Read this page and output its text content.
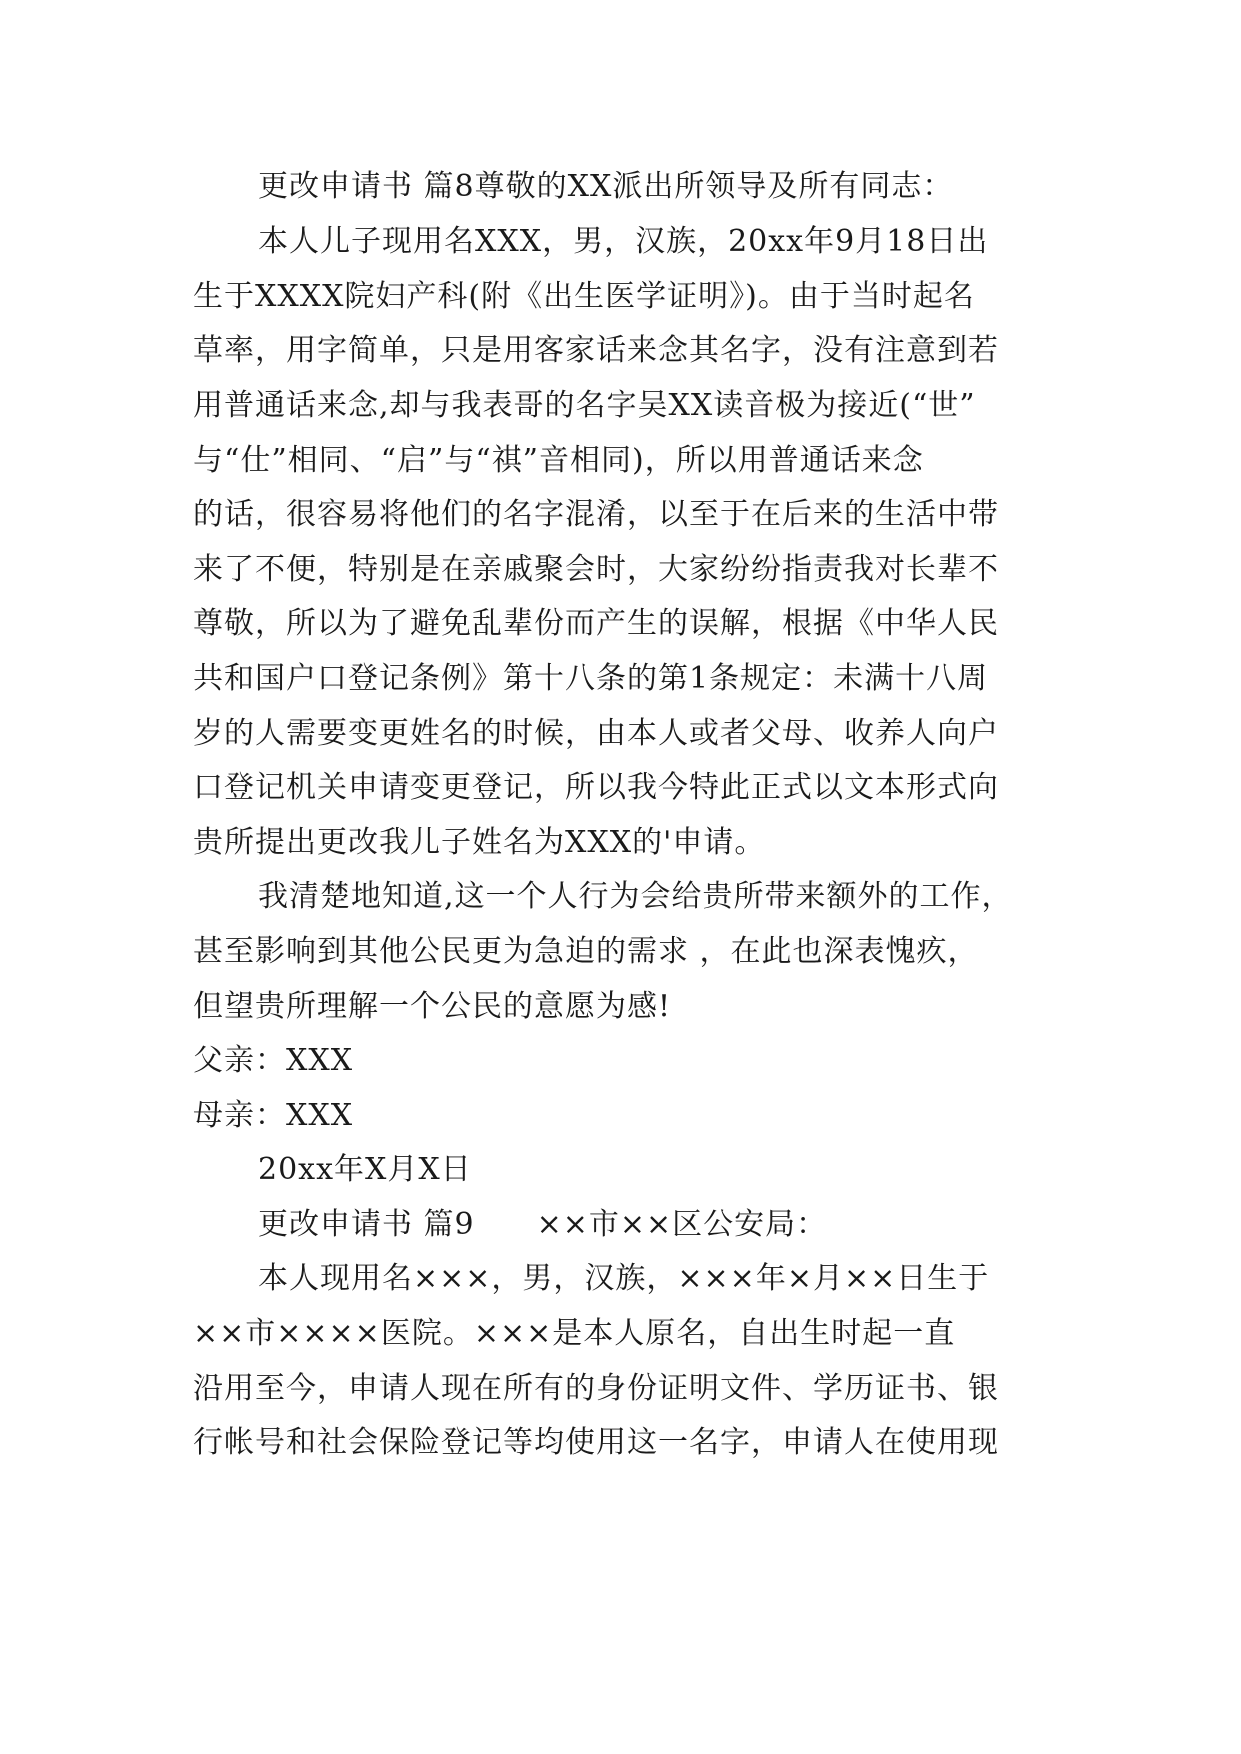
更改申请书 篇8尊敬的XX派出所领导及所有同志：
本人儿子现用名XXX，男，汉族，20xx年9月18日出
生于XXXX院妇产科(附《出生医学证明》)。由于当时起名
草率，用字简单，只是用客家话来念其名字，没有注意到若
用普通话来念,却与我表哥的名字吴XX读音极为接近(“世”
与“仕”相同、“启”与“祺”音相同)，所以用普通话来念
的话，很容易将他们的名字混淆，以至于在后来的生活中带
来了不便，特别是在亲戚聚会时，大家纷纷指责我对长辈不
尊敬，所以为了避免乱辈份而产生的误解，根据《中华人民
共和国户口登记条例》第十八条的第1条规定：未满十八周
岁的人需要变更姓名的时候，由本人或者父母、收养人向户
口登记机关申请变更登记，所以我今特此正式以文本形式向
贵所提出更改我儿子姓名为XXX的'申请。
我清楚地知道,这一个人行为会给贵所带来额外的工作，
甚至影响到其他公民更为急迫的需求 ，在此也深表愧疚，
但望贵所理解一个公民的意愿为感!
父亲：XXX
母亲：XXX
20xx年X月X日
更改申请书 篇9　　××市××区公安局：
本人现用名×××，男，汉族，×××年×月××日生于
××市××××医院。×××是本人原名，自出生时起一直
沿用至今，申请人现在所有的身份证明文件、学历证书、银
行帐号和社会保险登记等均使用这一名字，申请人在使用现
